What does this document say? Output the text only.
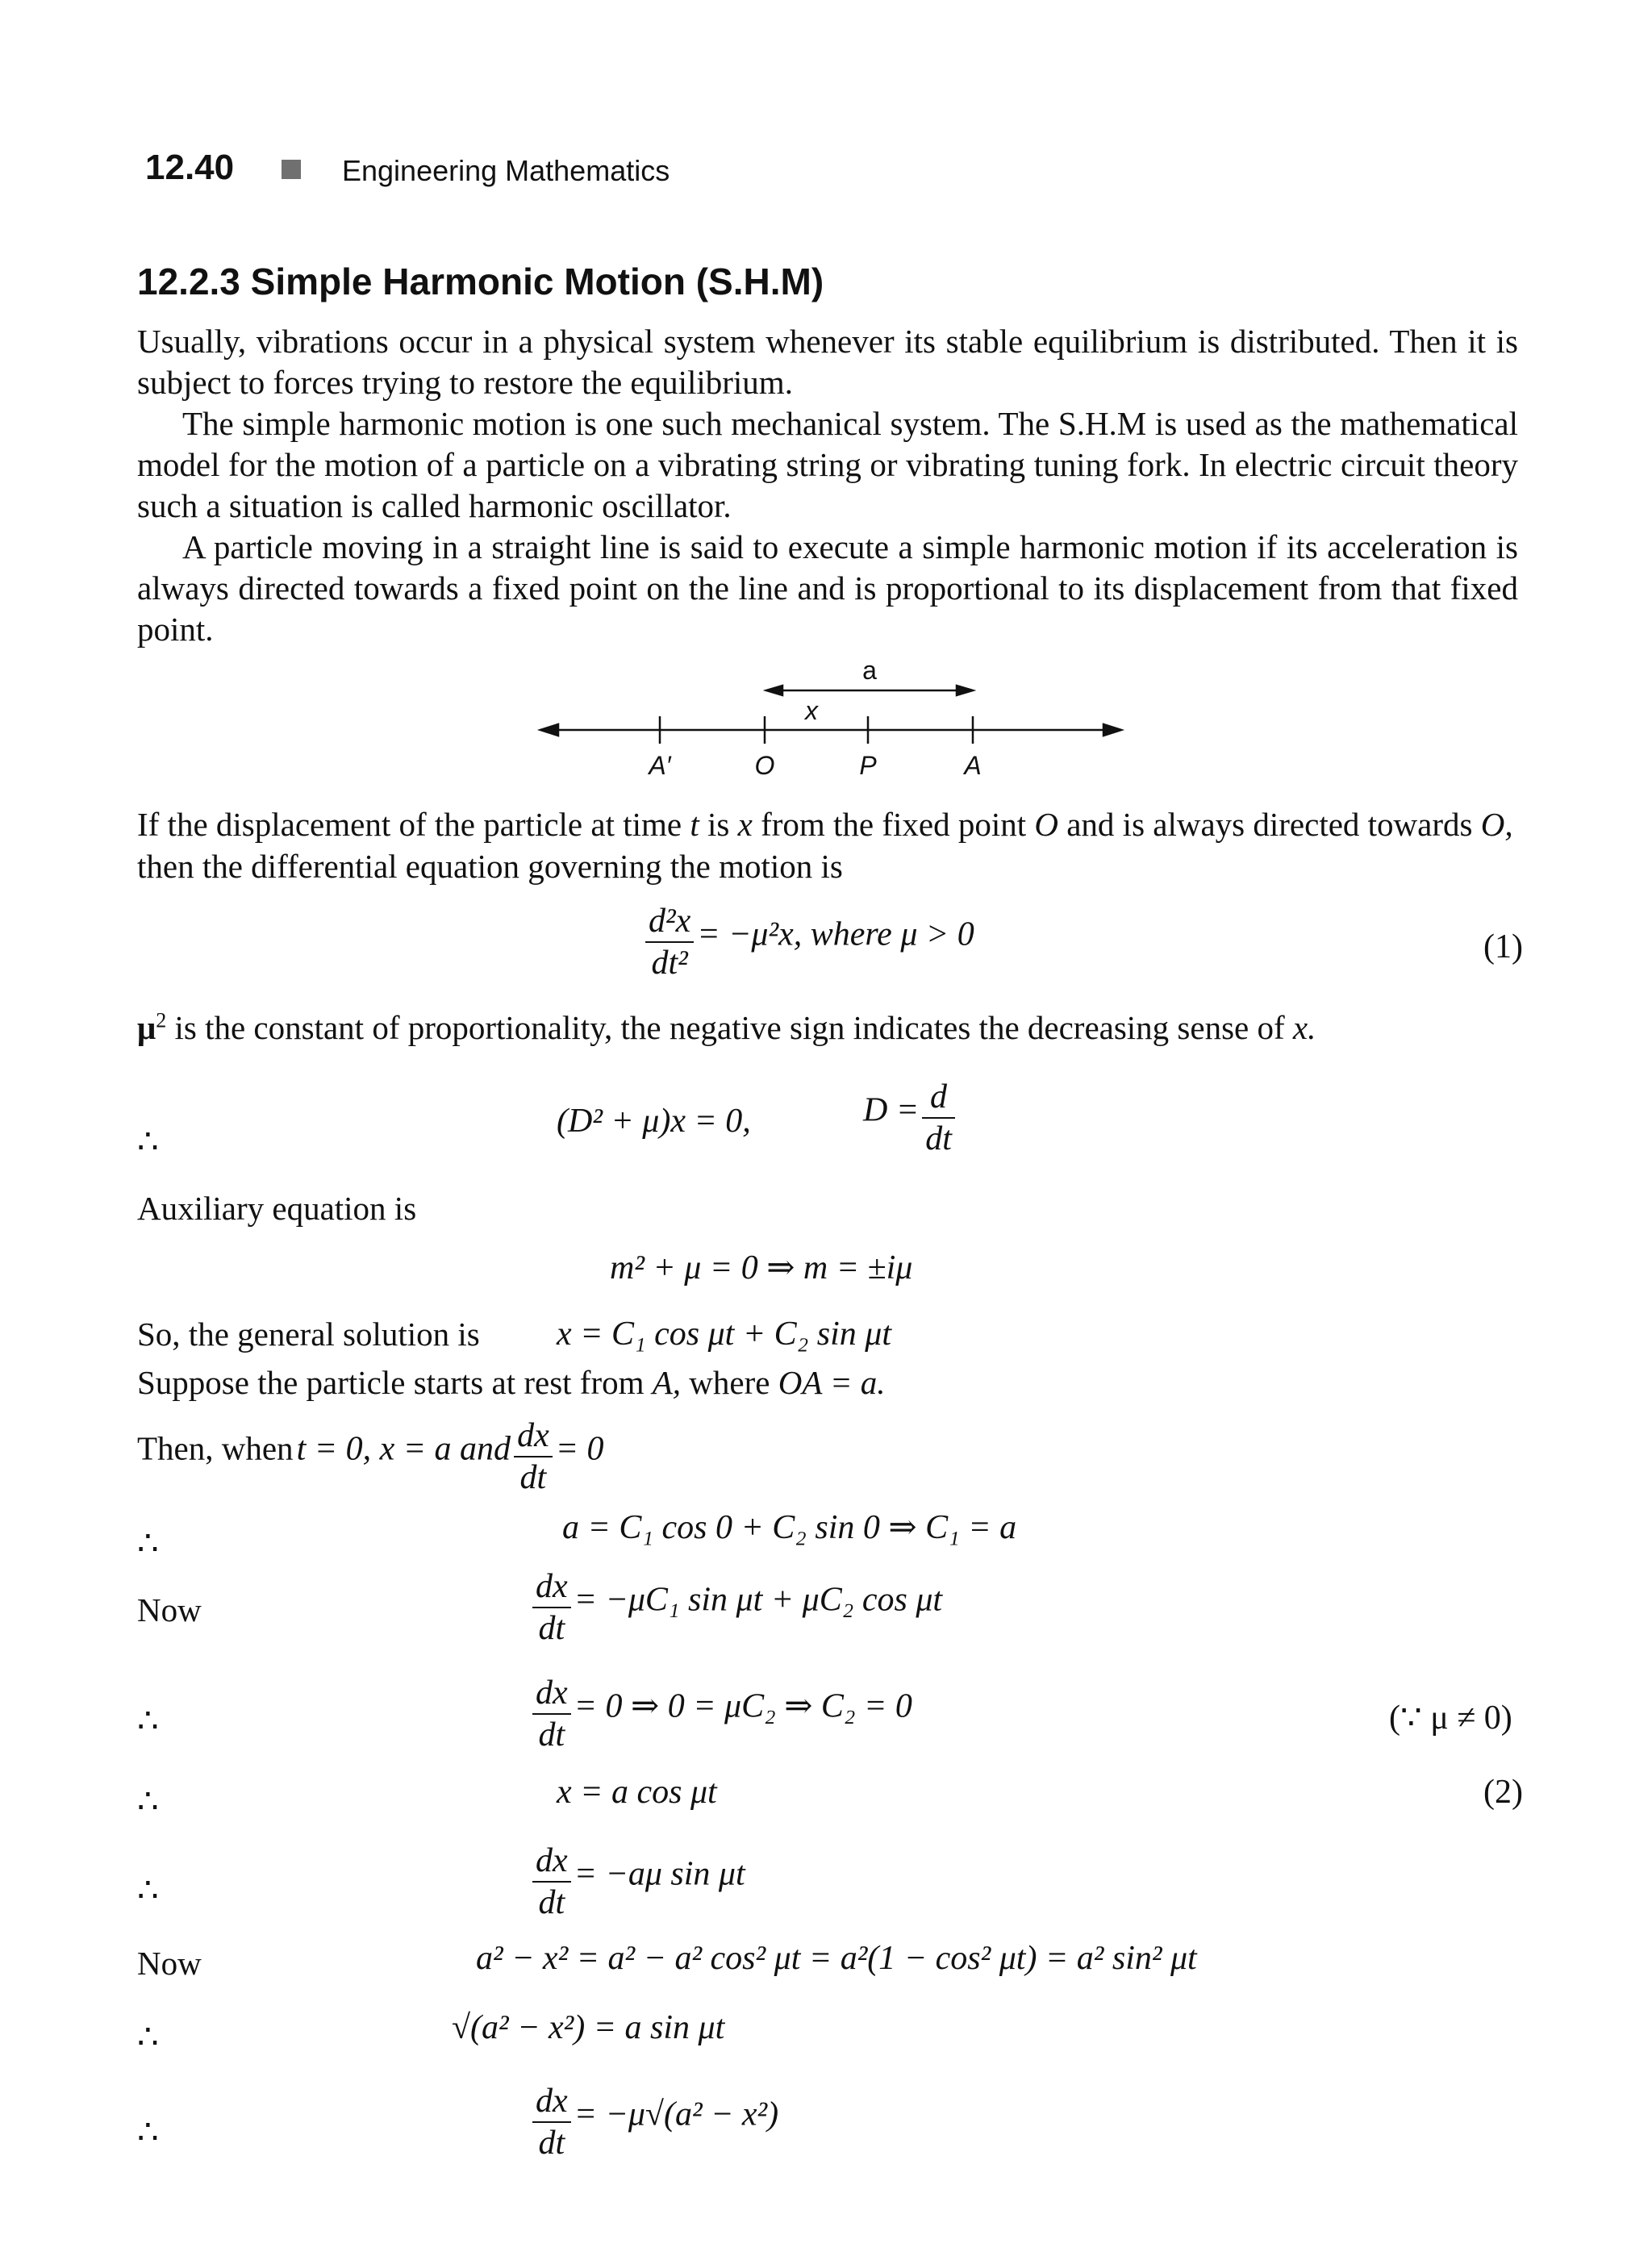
12.40	Engineering Mathematics
12.2.3 Simple Harmonic Motion (S.H.M)

Usually, vibrations occur in a physical system whenever its stable equilibrium is distributed. Then it is subject to forces trying to restore the equilibrium.

The simple harmonic motion is one such mechanical system. The S.H.M is used as the mathematical model for the motion of a particle on a vibrating string or vibrating tuning fork. In electric circuit theory such a situation is called harmonic oscillator.

A particle moving in a straight line is said to execute a simple harmonic motion if its acceleration is always directed towards a fixed point on the line and is proportional to its displacement from that fixed point.

a
x
A′	O	P	A
If the displacement of the particle at time t is x from the fixed point O and is always directed towards O,
then the differential equation governing the motion is
$\frac{\text{d²x}}{\text{dt²}} = -\mu^2x$, where μ > 0	(1)
$\mu^2$ is the constant of proportionality, the negative sign indicates the decreasing sense of x.
∴
(D² + μ)x = 0,	$D = \frac{d}{dt}$
Auxiliary equation is
m² + μ = 0 ⇒ m = ±iμ
So, the general solution is x = C₁ cos μt + C₂ sin μt
Suppose the particle starts at rest from A, where OA = a.
Then, when t = 0, x = a and $\frac{dx}{dt} = 0$
∴	a = C₁ cos 0 + C₂ sin 0 ⇒ C₁ = a
Now	$\frac{dx}{dt} = -\mu C_1$ sin μt + μC₂ cos μt
∴	$\frac{dx}{dt} = 0$ ⇒ 0 = μC₂ ⇒ C₂ = 0	(∵ μ ≠ 0)
∴	x = a cos μt	(2)
∴	$\frac{dx}{dt} = -a\mu$ sin μt
Now	a² − x² = a² − a² cos² μt = a²(1 − cos² μt) = a² sin² μt
∴	√(a² − x²) = a sin μt
∴	$\frac{dx}{dt} = -\mu√(a^2 - x^2)$
